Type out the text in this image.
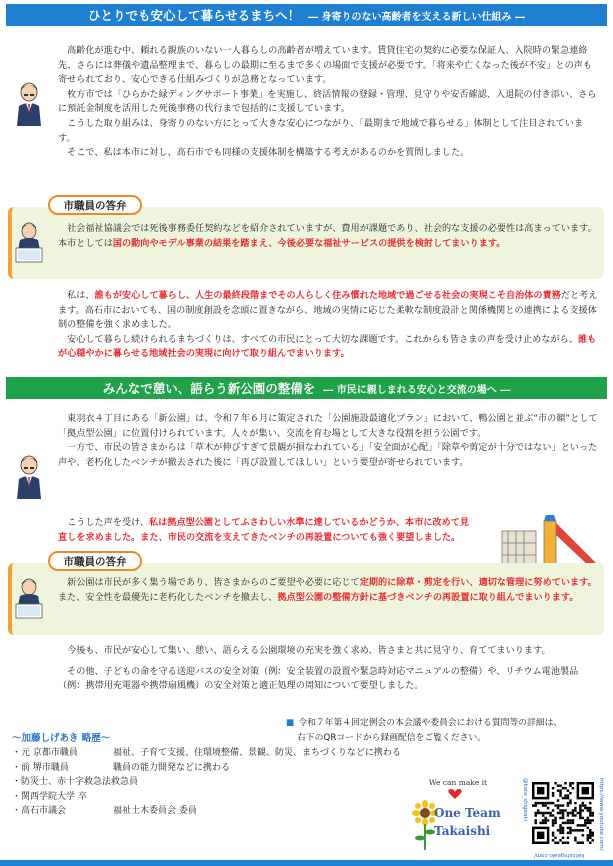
ひとりでも安心して暮らせるまちへ！ ― 身寄りのない高齢者を支える新しい仕組み ―

高齢化が進む中、頼れる親族のいない一人暮らしの高齢者が増えています。賃貸住宅の契約に必要な保証人、入院時の緊急連絡先、さらには葬儀や遺品整理まで、暮らしの最期に至るまで多くの場面で支援が必要です。「将来や亡くなった後が不安」との声も寄せられており、安心できる仕組みづくりが急務となっています。

枚方市では「ひらかた緑ディングサポート事業」を実施し、終活情報の登録・管理、見守りや安否確認、入退院の付き添い、さらに預託金制度を活用した死後事務の代行まで包括的に支援しています。

こうした取り組みは、身寄りのない方にとって大きな安心につながり、「最期まで地域で暮らせる」体制として注目されています。

そこで、私は本市に対し、高石市でも同様の支援体制を構築する考えがあるのかを質問しました。

市職員の答弁

社会福祉協議会では死後事務委任契約などを紹介されていますが、費用が課題であり、社会的な支援の必要性は高まっています。本市としては国の動向やモデル事業の結果を踏まえ、今後必要な福祉サービスの提供を検討してまいります。

私は、誰もが安心して暮らし、人生の最終段階までその人らしく住み慣れた地域で過ごせる社会の実現こそ自治体の責務だと考えます。高石市においても、国の制度創設を念頭に置きながら、地域の実情に応じた柔軟な制度設計と関係機関との連携による支援体制の整備を強く求めました。

安心して暮らし続けられるまちづくりは、すべての市民にとって大切な課題です。これからも皆さまの声を受け止めながら、誰もが心穏やかに暮らせる地域社会の実現に向けて取り組んでまいります。

みんなで憩い、語らう新公園の整備を ― 市民に親しまれる安心と交流の場へ ―

東羽衣４丁目にある「新公園」は、令和７年６月に策定された「公園施設最適化プラン」において、鴨公園と並ぶ“市の顔”として「拠点型公園」に位置付けられています。人々が集い、交流を育む場として大きな役割を担う公園です。

一方で、市民の皆さまからは「草木が伸びすぎて景観が損なわれている」「安全面が心配」「除草や剪定が十分ではない」といった声や、老朽化したベンチが撤去された後に「再び設置してほしい」という要望が寄せられています。

こうした声を受け、私は拠点型公園としてふさわしい水準に達しているかどうか、本市に改めて見直しを求めました。また、市民の交流を支えてきたベンチの再設置についても強く要望しました。

市職員の答弁

新公園は市民が多く集う場であり、皆さまからのご要望や必要に応じて定期的に除草・剪定を行い、適切な管理に努めています。また、安全性を最優先に老朽化したベンチを撤去し、拠点型公園の整備方針に基づきベンチの再設置に取り組んでまいります。

今後も、市民が安心して集い、憩い、語らえる公園環境の充実を強く求め、皆さまと共に見守り、育ててまいります。

その他、子どもの命を守る送迎バスの安全対策（例：安全装置の設置や緊急時対応マニュアルの整備）や、リチウム電池製品（例：携帯用充電器や携帯扇風機）の安全対策と適正処理の周知について要望しました。

■ 令和７年第４回定例会の本会議や委員会における質問等の詳細は、
右下のQRコードから録画配信をご覧ください。
～加藤しげあき 略歴～
・元 京都市職員	福祉、子育て支援、住環境整備、景観、防災、まちづくりなどに携わる
・前 堺市職員	職員の能力開発などに携わる
・防災士、赤十字救急法救急員
・関西学院大学 卒
・高石市議会	福祉土木委員会 委員
We can make it
One Team
Takaishi
@kato_shigeaki	https://www.youtube.com/
katoshigeaki.com/
